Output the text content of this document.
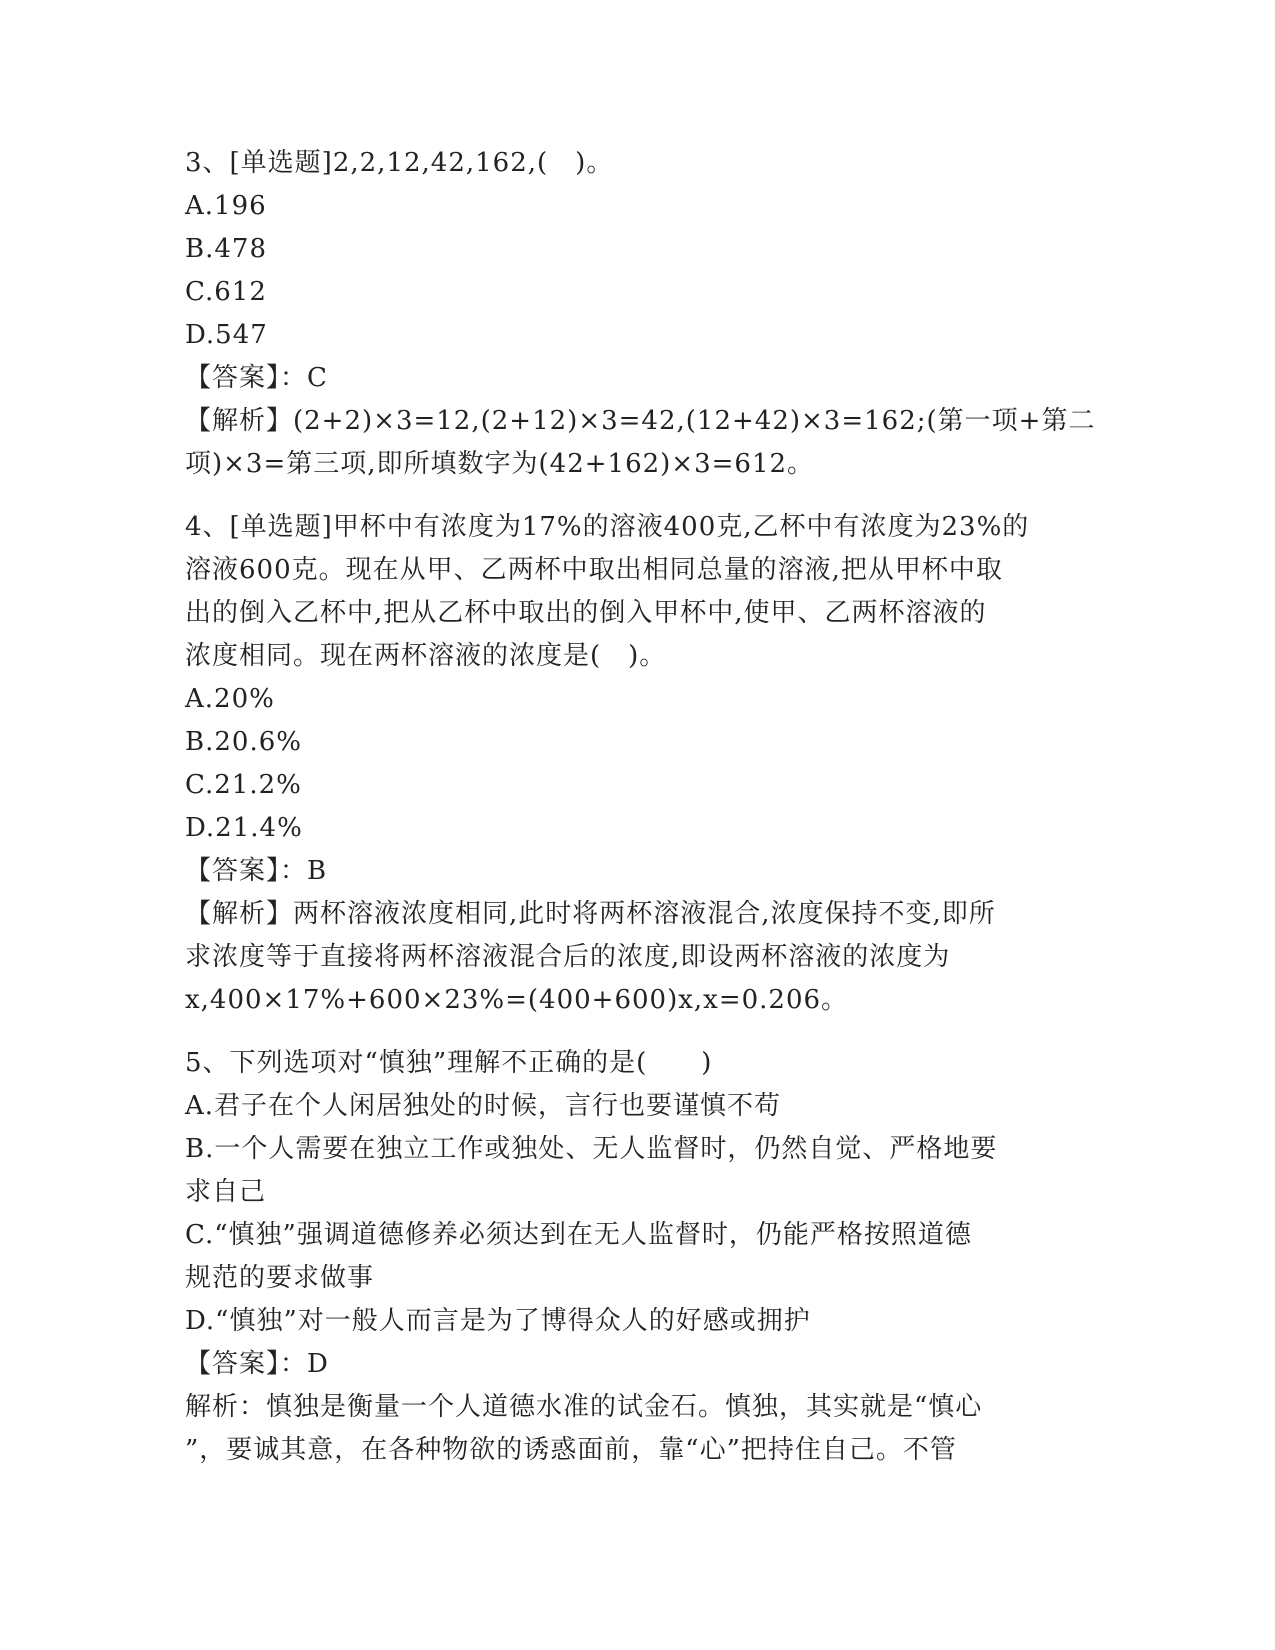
3、[单选题]2,2,12,42,162,(　)。
A.196
B.478
C.612
D.547
【答案】：C
【解析】(2+2)×3=12,(2+12)×3=42,(12+42)×3=162;(第一项+第二
项)×3=第三项,即所填数字为(42+162)×3=612。
4、[单选题]甲杯中有浓度为17%的溶液400克,乙杯中有浓度为23%的
溶液600克。现在从甲、乙两杯中取出相同总量的溶液,把从甲杯中取
出的倒入乙杯中,把从乙杯中取出的倒入甲杯中,使甲、乙两杯溶液的
浓度相同。现在两杯溶液的浓度是(　)。
A.20%
B.20.6%
C.21.2%
D.21.4%
【答案】：B
【解析】两杯溶液浓度相同,此时将两杯溶液混合,浓度保持不变,即所
求浓度等于直接将两杯溶液混合后的浓度,即设两杯溶液的浓度为
x,400×17%+600×23%=(400+600)x,x=0.206。
5、下列选项对“慎独”理解不正确的是(　　)
A.君子在个人闲居独处的时候，言行也要谨慎不苟
B.一个人需要在独立工作或独处、无人监督时，仍然自觉、严格地要
求自己
C.“慎独”强调道德修养必须达到在无人监督时，仍能严格按照道德
规范的要求做事
D.“慎独”对一般人而言是为了博得众人的好感或拥护
【答案】：D
解析：慎独是衡量一个人道德水准的试金石。慎独，其实就是“慎心
”，要诚其意，在各种物欲的诱惑面前，靠“心”把持住自己。不管
